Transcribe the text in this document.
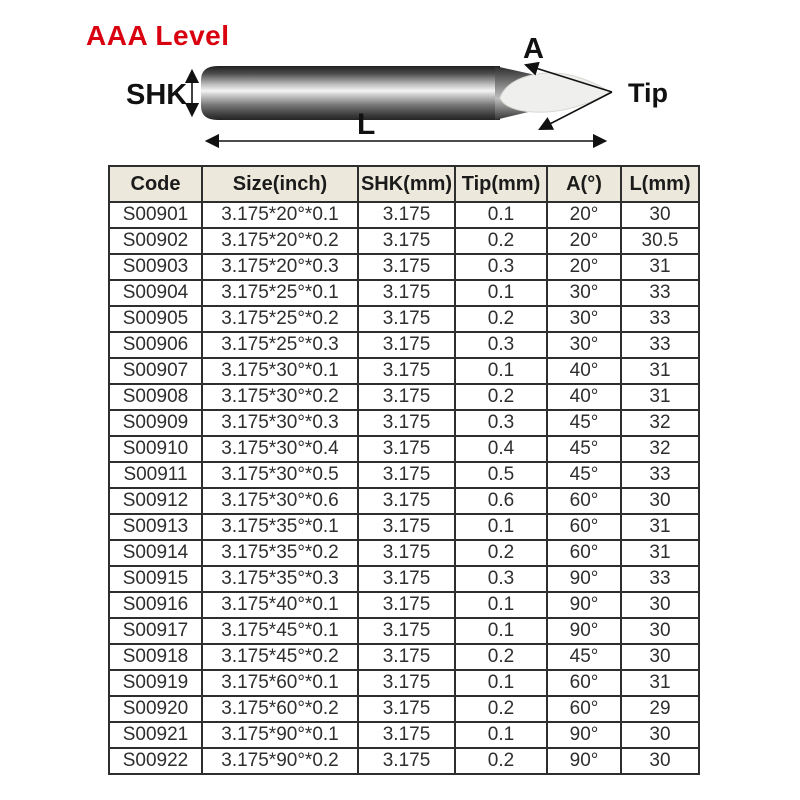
AAA Level
SHK
A
Tip
L
Code	Size(inch)	SHK(mm)	Tip(mm)	A(°)	L(mm)
S00901	3.175*20°*0.1	3.175	0.1	20°	30
S00902	3.175*20°*0.2	3.175	0.2	20°	30.5
S00903	3.175*20°*0.3	3.175	0.3	20°	31
S00904	3.175*25°*0.1	3.175	0.1	30°	33
S00905	3.175*25°*0.2	3.175	0.2	30°	33
S00906	3.175*25°*0.3	3.175	0.3	30°	33
S00907	3.175*30°*0.1	3.175	0.1	40°	31
S00908	3.175*30°*0.2	3.175	0.2	40°	31
S00909	3.175*30°*0.3	3.175	0.3	45°	32
S00910	3.175*30°*0.4	3.175	0.4	45°	32
S00911	3.175*30°*0.5	3.175	0.5	45°	33
S00912	3.175*30°*0.6	3.175	0.6	60°	30
S00913	3.175*35°*0.1	3.175	0.1	60°	31
S00914	3.175*35°*0.2	3.175	0.2	60°	31
S00915	3.175*35°*0.3	3.175	0.3	90°	33
S00916	3.175*40°*0.1	3.175	0.1	90°	30
S00917	3.175*45°*0.1	3.175	0.1	90°	30
S00918	3.175*45°*0.2	3.175	0.2	45°	30
S00919	3.175*60°*0.1	3.175	0.1	60°	31
S00920	3.175*60°*0.2	3.175	0.2	60°	29
S00921	3.175*90°*0.1	3.175	0.1	90°	30
S00922	3.175*90°*0.2	3.175	0.2	90°	30
